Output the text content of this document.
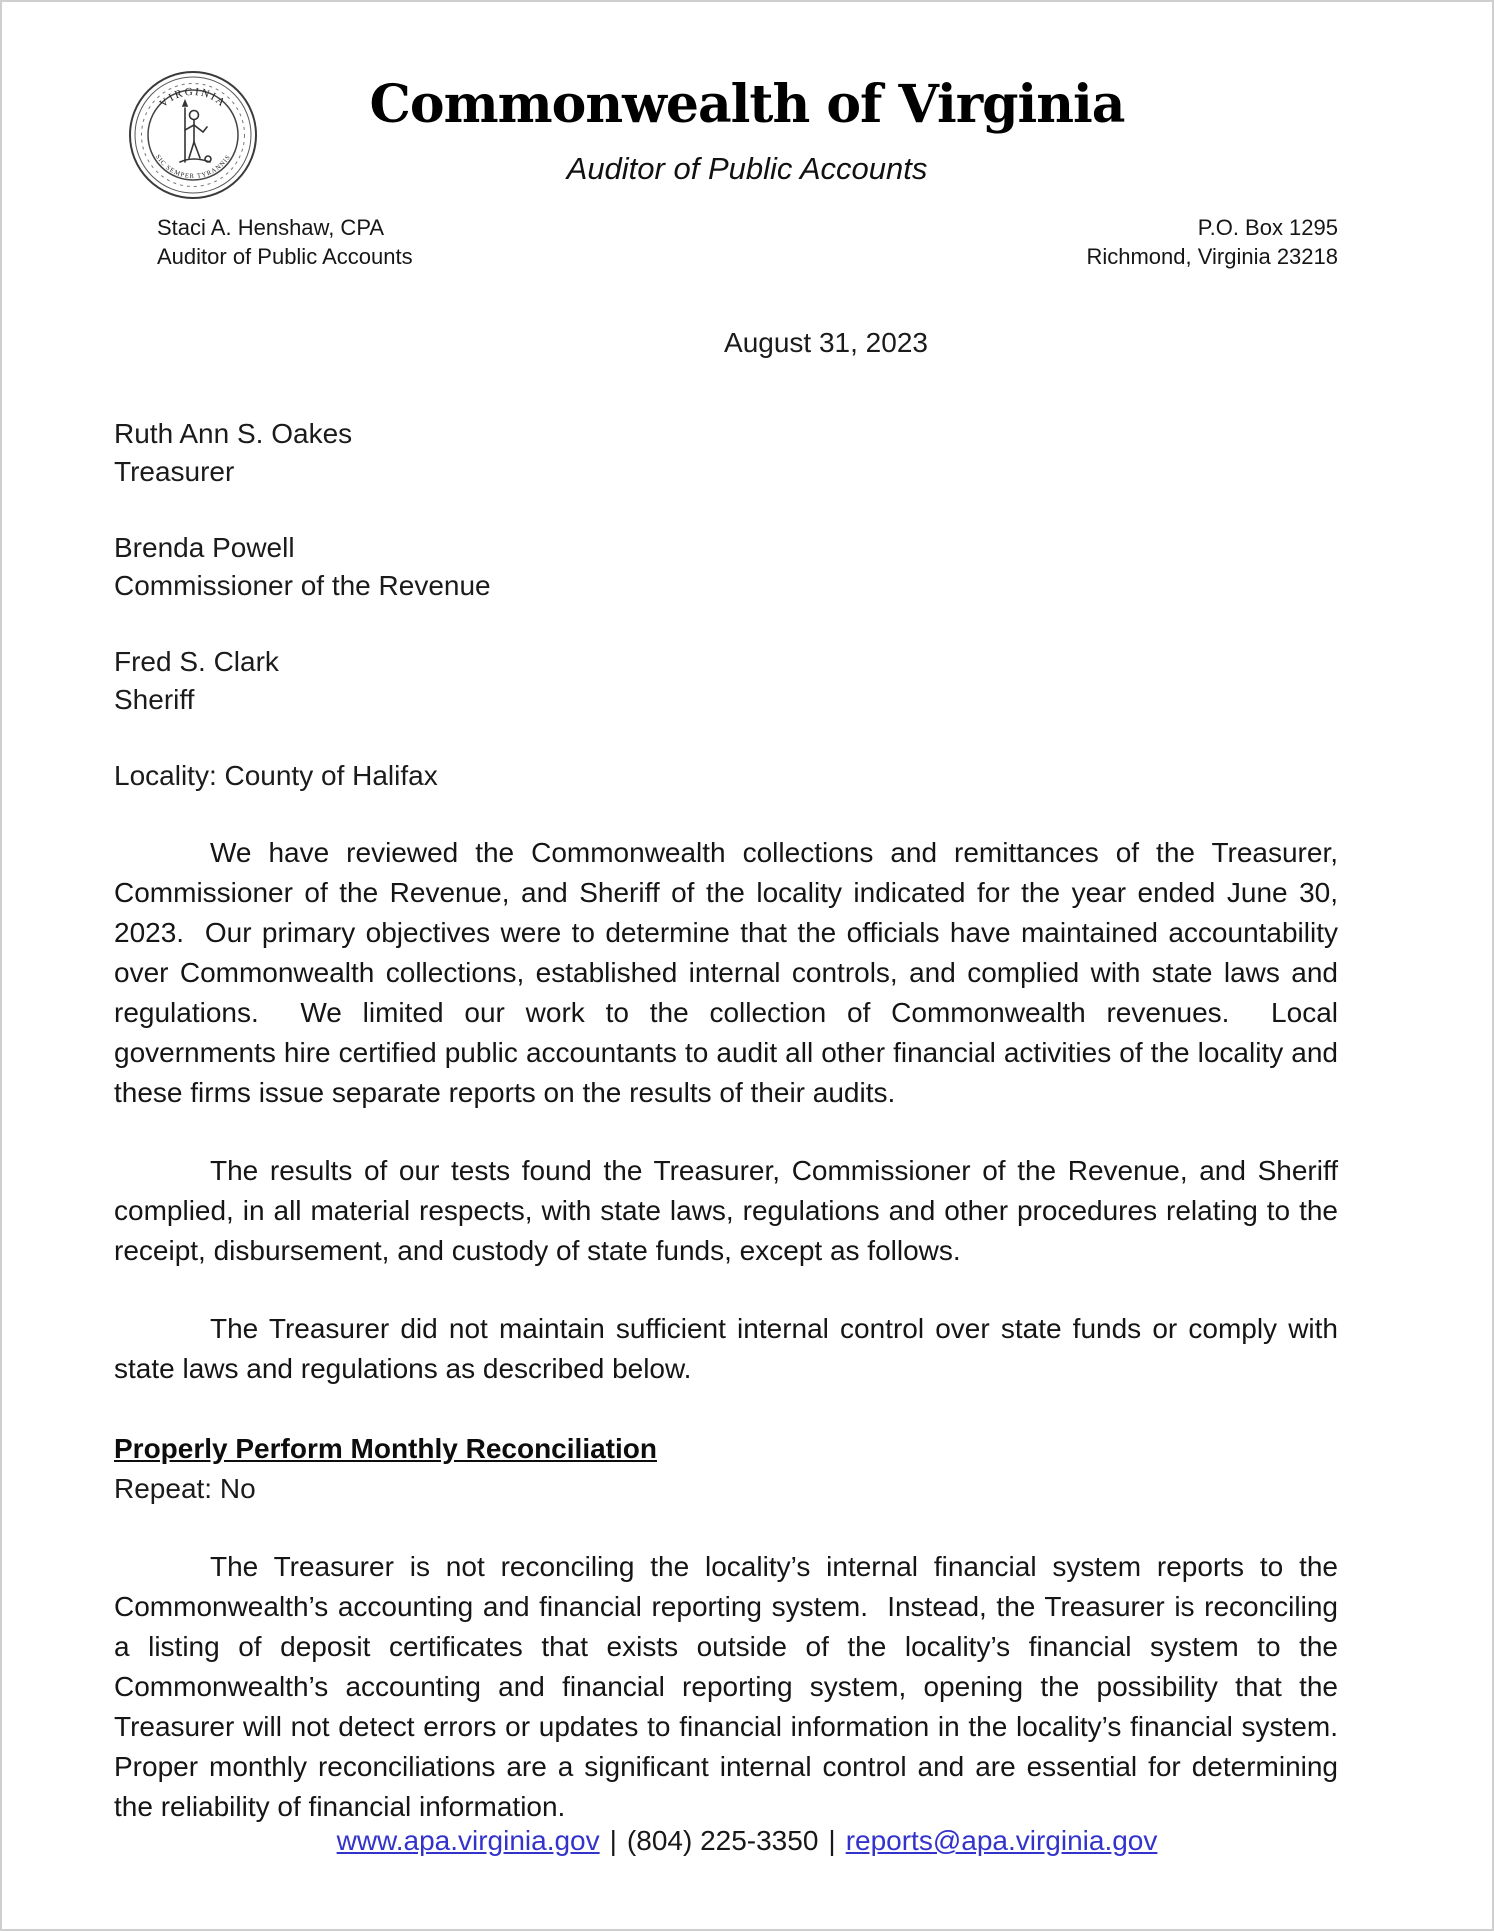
VIRGINIA
SIC SEMPER TYRANNIS
Commonwealth of Virginia
Auditor of Public Accounts
Staci A. Henshaw, CPA
Auditor of Public Accounts
P.O. Box 1295
Richmond, Virginia 23218
August 31, 2023
Ruth Ann S. Oakes
Treasurer
Brenda Powell
Commissioner of the Revenue
Fred S. Clark
Sheriff
Locality: County of Halifax

We have reviewed the Commonwealth collections and remittances of the Treasurer, Commissioner of the Revenue, and Sheriff of the locality indicated for the year ended June 30, 2023.  Our primary objectives were to determine that the officials have maintained accountability over Commonwealth collections, established internal controls, and complied with state laws and regulations.  We limited our work to the collection of Commonwealth revenues.  Local governments hire certified public accountants to audit all other financial activities of the locality and these firms issue separate reports on the results of their audits.

The results of our tests found the Treasurer, Commissioner of the Revenue, and Sheriff complied, in all material respects, with state laws, regulations and other procedures relating to the receipt, disbursement, and custody of state funds, except as follows.

The Treasurer did not maintain sufficient internal control over state funds or comply with state laws and regulations as described below.

Properly Perform Monthly Reconciliation
Repeat: No

The Treasurer is not reconciling the locality’s internal financial system reports to the Commonwealth’s accounting and financial reporting system.  Instead, the Treasurer is reconciling a listing of deposit certificates that exists outside of the locality’s financial system to the Commonwealth’s accounting and financial reporting system, opening the possibility that the Treasurer will not detect errors or updates to financial information in the locality’s financial system.  Proper monthly reconciliations are a significant internal control and are essential for determining the reliability of financial information.

www.apa.virginia.gov | (804) 225-3350 | reports@apa.virginia.gov
